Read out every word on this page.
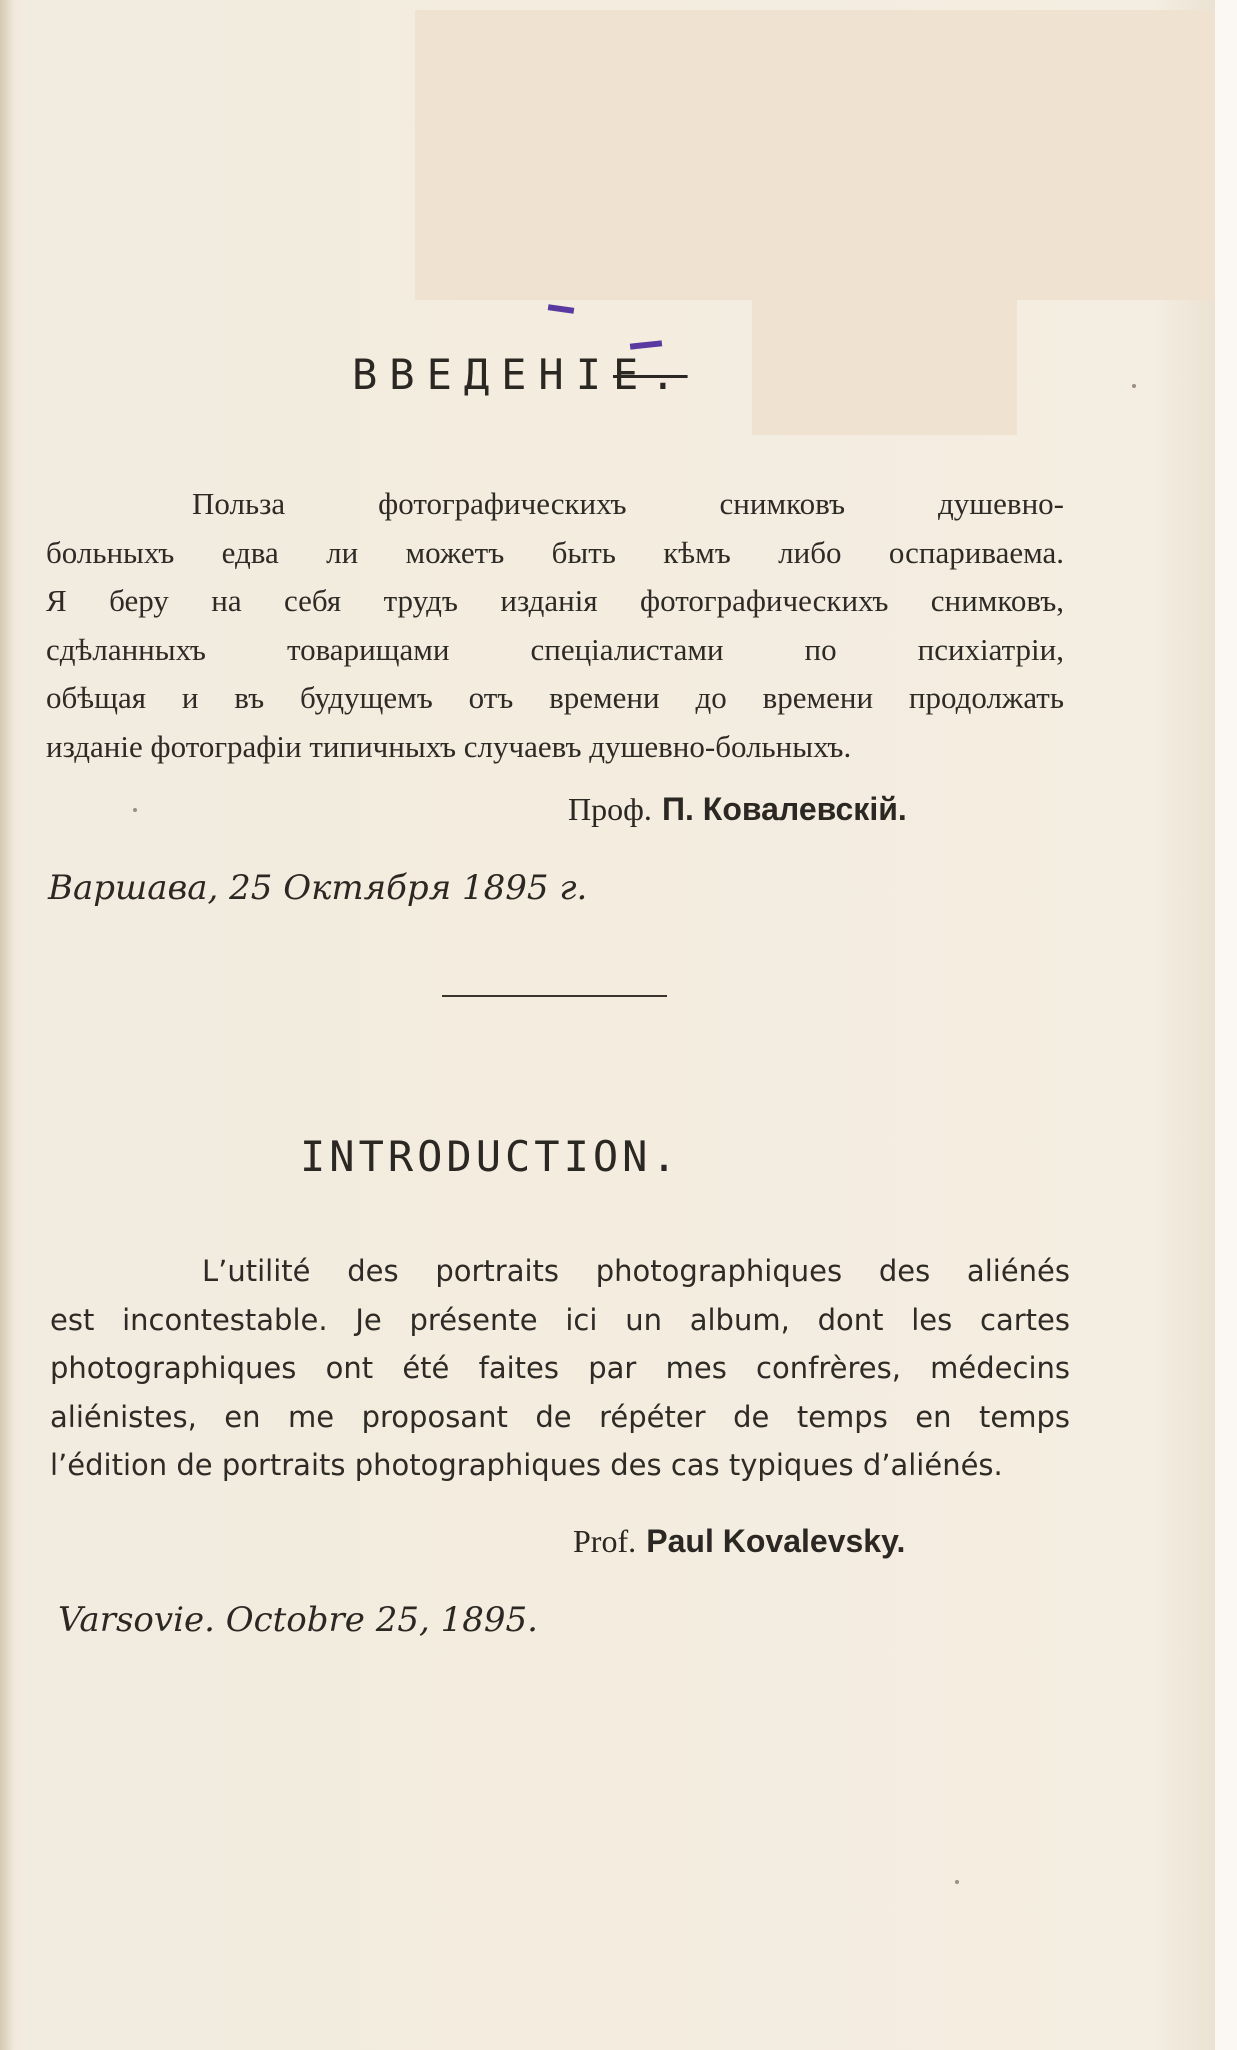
ВВЕДЕНІЕ.
Польза фотографическихъ снимковъ душевно-
больныхъ едва ли можетъ быть кѣмъ либо оспариваема.
Я беру на себя трудъ изданія фотографическихъ снимковъ,
сдѣланныхъ товарищами спеціалистами по психіатріи,
обѣщая и въ будущемъ отъ времени до времени продолжать
изданіе фотографіи типичныхъ случаевъ душевно-больныхъ.

Проф. П. Ковалевскій.

Варшава, 25 Октября 1895 г.

INTRODUCTION.
L’utilité des portraits photographiques des aliénés
est incontestable. Je présente ici un album, dont les cartes
photographiques ont été faites par mes confrères, médecins
aliénistes, en me proposant de répéter de temps en temps
l’édition de portraits photographiques des cas typiques d’aliénés.

Prof. Paul Kovalevsky.

Varsovie. Octobre 25, 1895.
